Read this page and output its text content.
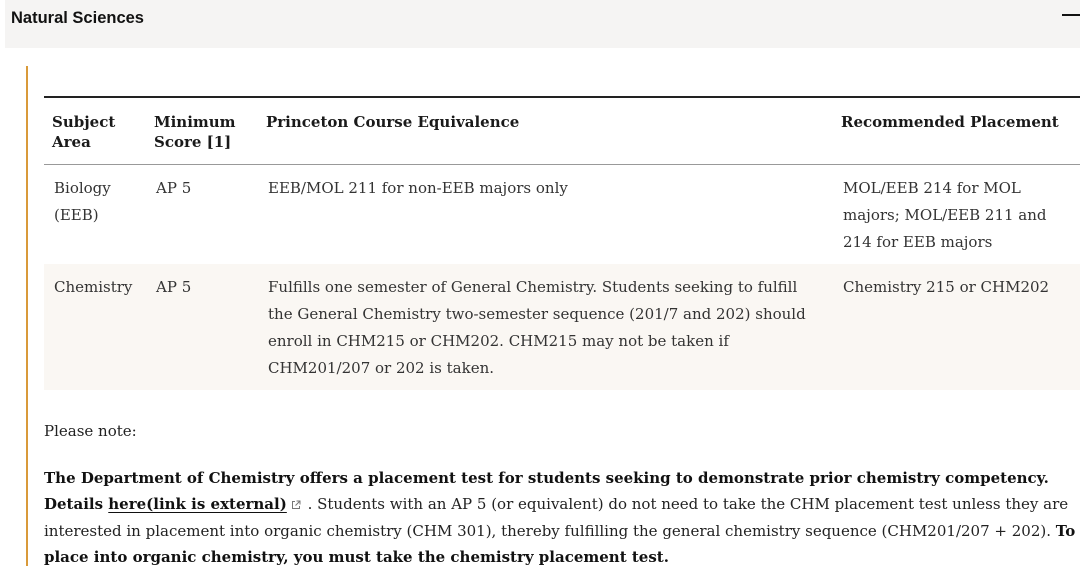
Natural Sciences
Subject Area	Minimum Score [1]	Princeton Course Equivalence	Recommended Placement
Biology (EEB)	AP 5	EEB/MOL 211 for non-EEB majors only	MOL/EEB 214 for MOL majors; MOL/EEB 211 and 214 for EEB majors
Chemistry	AP 5	Fulfills one semester of General Chemistry. Students seeking to fulfill the General Chemistry two-semester sequence (201/7 and 202) should enroll in CHM215 or CHM202. CHM215 may not be taken if CHM201/207 or 202 is taken.	Chemistry 215 or CHM202

Please note:

The Department of Chemistry offers a placement test for students seeking to demonstrate prior chemistry competency.
Details here(link is external) . Students with an AP 5 (or equivalent) do not need to take the CHM placement test unless they are interested in placement into organic chemistry (CHM 301), thereby fulfilling the general chemistry sequence (CHM201/207 + 202). To place into organic chemistry, you must take the chemistry placement test.
